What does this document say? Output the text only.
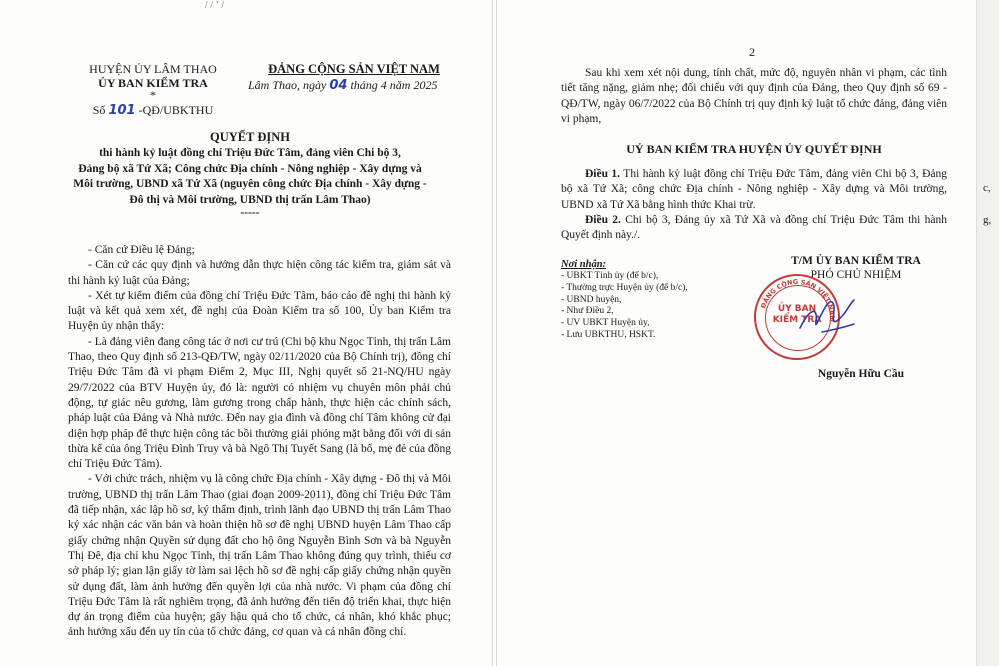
/ / ʼ /
HUYỆN ỦY LÂM THAO
ỦY BAN KIỂM TRA
*
Số 101 -QĐ/UBKTHU
ĐẢNG CỘNG SẢN VIỆT NAM
Lâm Thao, ngày 04 tháng 4 năm 2025
QUYẾT ĐỊNH
thi hành kỷ luật đồng chí Triệu Đức Tâm, đảng viên Chi bộ 3,
Đảng bộ xã Tứ Xã; Công chức Địa chính - Nông nghiệp - Xây dựng và
Môi trường, UBND xã Tứ Xã (nguyên công chức Địa chính - Xây dựng -
Đô thị và Môi trường, UBND thị trấn Lâm Thao)
-----

- Căn cứ Điều lệ Đảng;

- Căn cứ các quy định và hướng dẫn thực hiện công tác kiểm tra, giám sát và thi hành kỷ luật của Đảng;

- Xét tự kiểm điểm của đồng chí Triệu Đức Tâm, báo cáo đề nghị thi hành kỷ luật và kết quả xem xét, đề nghị của Đoàn Kiểm tra số 100, Ủy ban Kiểm tra Huyện ủy nhận thấy:

- Là đảng viên đang công tác ở nơi cư trú (Chi bộ khu Ngọc Tỉnh, thị trấn Lâm Thao, theo Quy định số 213-QĐ/TW, ngày 02/11/2020 của Bộ Chính trị), đồng chí Triệu Đức Tâm đã vi phạm Điểm 2, Mục III, Nghị quyết số 21-NQ/HU ngày 29/7/2022 của BTV Huyện ủy, đó là: người có nhiệm vụ chuyên môn phải chủ động, tự giác nêu gương, làm gương trong chấp hành, thực hiện các chính sách, pháp luật của Đảng và Nhà nước. Đến nay gia đình và đồng chí Tâm không cử đại diện hợp pháp để thực hiện công tác bồi thường giải phóng mặt bằng đối với di sản thừa kế của ông Triệu Đình Truy và bà Ngô Thị Tuyết Sang (là bố, mẹ đẻ của đồng chí Triệu Đức Tâm).

- Với chức trách, nhiệm vụ là công chức Địa chính - Xây dựng - Đô thị và Môi trường, UBND thị trấn Lâm Thao (giai đoạn 2009-2011), đồng chí Triệu Đức Tâm đã tiếp nhận, xác lập hồ sơ, ký thẩm định, trình lãnh đạo UBND thị trấn Lâm Thao ký xác nhận các văn bản và hoàn thiện hồ sơ đề nghị UBND huyện Lâm Thao cấp giấy chứng nhận Quyền sử dụng đất cho hộ ông Nguyễn Bình Sơn và bà Nguyễn Thị Đê, địa chỉ khu Ngọc Tỉnh, thị trấn Lâm Thao không đúng quy trình, thiếu cơ sở pháp lý; gian lận giấy tờ làm sai lệch hồ sơ đề nghị cấp giấy chứng nhận quyền sử dụng đất, làm ảnh hưởng đến quyền lợi của nhà nước. Vi phạm của đồng chí Triệu Đức Tâm là rất nghiêm trọng, đã ảnh hưởng đến tiến độ triển khai, thực hiện dự án trọng điểm của huyện; gây hậu quả cho tổ chức, cá nhân, khó khắc phục; ảnh hưởng xấu đến uy tín của tổ chức đảng, cơ quan và cá nhân đồng chí.

c,
g,
2

Sau khi xem xét nội dung, tính chất, mức độ, nguyên nhân vi phạm, các tình tiết tăng nặng, giảm nhẹ; đối chiếu với quy định của Đảng, theo Quy định số 69 - QĐ/TW, ngày 06/7/2022 của Bộ Chính trị quy định kỷ luật tổ chức đảng, đảng viên vi phạm,

UỶ BAN KIỂM TRA HUYỆN ỦY QUYẾT ĐỊNH

Điều 1. Thi hành kỷ luật đồng chí Triệu Đức Tâm, đảng viên Chi bộ 3, Đảng bộ xã Tứ Xã; công chức Địa chính - Nông nghiệp - Xây dựng và Môi trường, UBND xã Tứ Xã bằng hình thức Khai trừ.

Điều 2. Chi bộ 3, Đảng ủy xã Tứ Xã và đồng chí Triệu Đức Tâm thi hành Quyết định này./.

Nơi nhận:
- UBKT Tỉnh ủy (để b/c),
- Thường trực Huyện ủy (để b/c),
- UBND huyện,
- Như Điều 2,
- UV UBKT Huyện ủy,
- Lưu UBKTHU, HSKT.
T/M ỦY BAN KIỂM TRA
PHÓ CHỦ NHIỆM
Nguyễn Hữu Cầu
ĐẢNG CỘNG SẢN VIỆT NAM
ỦY BAN
KIỂM TRA
